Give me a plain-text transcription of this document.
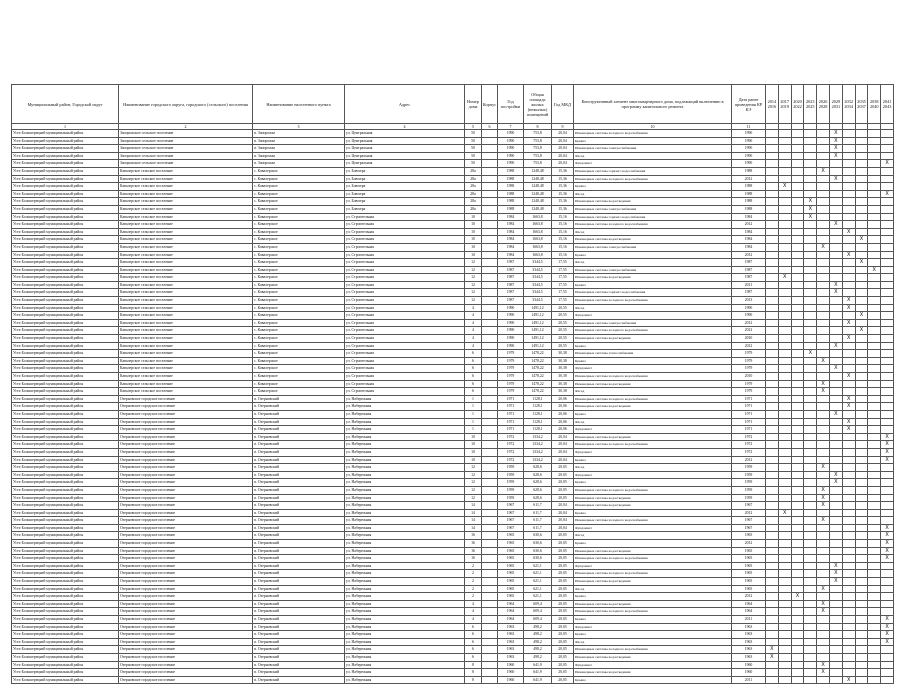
Муниципальный район, Городской округ	Наименование городского округа, городского (сельского) поселения	Наименование населенного пункта	Адрес	Номер дома	Корпус	Год постройки	Общая площадь жилых (нежилых) помещений	Год МКД	Конструктивный элемент многоквартирного дома, подлежащий включению в программу капитального ремонта	Дата ранее проведения КР КЭ	2014 2016	2017 2019	2020 2022	2023 2025	2026 2028	2029 2031	2032 2034	2035 2037	2038 2040	2041 2043
1	2	3	4	5	6	7	8	9	10	11										
Усть-Большерецкий муниципальный район	Запорожское сельское поселение	п. Запорожье	ул. Центральная	50		1990	753,8	20,04	Инженерные системы холодного водоснабжения	1990						X				
Усть-Большерецкий муниципальный район	Запорожское сельское поселение	п. Запорожье	ул. Центральная	50		1990	753,8	20,04	Крыша	1990						X				
Усть-Большерецкий муниципальный район	Запорожское сельское поселение	п. Запорожье	ул. Центральная	50		1990	753,8	20,04	Инженерные системы электроснабжения	1990						X				
Усть-Большерецкий муниципальный район	Запорожское сельское поселение	п. Запорожье	ул. Центральная	50		1990	753,8	20,04	Фасад	1990						X				
Усть-Большерецкий муниципальный район	Запорожское сельское поселение	п. Запорожье	ул. Центральная	50		1990	753,8	20,04	Фундамент	1990										X
Усть-Большерецкий муниципальный район	Кавалерское сельское поселение	с. Кавалерское	ул. Блюхера	28а		1988	1248,48	15,36	Инженерные системы горячего водоснабжения	1988					X					
Усть-Большерецкий муниципальный район	Кавалерское сельское поселение	с. Кавалерское	ул. Блюхера	28а		1988	1248,48	15,36	Инженерные системы холодного водоснабжения	2012						X				
Усть-Большерецкий муниципальный район	Кавалерское сельское поселение	с. Кавалерское	ул. Блюхера	28а		1988	1248,48	15,36	Крыша	1988		X								
Усть-Большерецкий муниципальный район	Кавалерское сельское поселение	с. Кавалерское	ул. Блюхера	28а		1988	1248,48	15,36	Фасад	1988										X
Усть-Большерецкий муниципальный район	Кавалерское сельское поселение	с. Кавалерское	ул. Блюхера	28а		1988	1248,48	15,36	Инженерные системы водоотведения	1988				X						
Усть-Большерецкий муниципальный район	Кавалерское сельское поселение	с. Кавалерское	ул. Блюхера	28а		1988	1248,48	15,36	Инженерные системы электроснабжения	1988				X						
Усть-Большерецкий муниципальный район	Кавалерское сельское поселение	с. Кавалерское	ул. Строительная	10		1984	1663,8	15,16	Инженерные системы горячего водоснабжения	1984				X						
Усть-Большерецкий муниципальный район	Кавалерское сельское поселение	с. Кавалерское	ул. Строительная	10		1984	1663,8	15,16	Инженерные системы холодного водоснабжения	2012						X				
Усть-Большерецкий муниципальный район	Кавалерское сельское поселение	с. Кавалерское	ул. Строительная	10		1984	1663,8	15,16	Фасад	1984							X			
Усть-Большерецкий муниципальный район	Кавалерское сельское поселение	с. Кавалерское	ул. Строительная	10		1984	1663,8	15,16	Инженерные системы водоотведения	1984								X		
Усть-Большерецкий муниципальный район	Кавалерское сельское поселение	с. Кавалерское	ул. Строительная	10		1984	1663,8	15,16	Инженерные системы электроснабжения	1984					X					
Усть-Большерецкий муниципальный район	Кавалерское сельское поселение	с. Кавалерское	ул. Строительная	10		1984	1663,8	15,16	Крыша	2012							X			
Усть-Большерецкий муниципальный район	Кавалерское сельское поселение	с. Кавалерское	ул. Строительная	12		1987	3344,5	17,55	Фасад	1987								X		
Усть-Большерецкий муниципальный район	Кавалерское сельское поселение	с. Кавалерское	ул. Строительная	12		1987	3344,5	17,55	Инженерные системы электроснабжения	1987									X	
Усть-Большерецкий муниципальный район	Кавалерское сельское поселение	с. Кавалерское	ул. Строительная	12		1987	3344,5	17,55	Инженерные системы водоотведения	1987		X								
Усть-Большерецкий муниципальный район	Кавалерское сельское поселение	с. Кавалерское	ул. Строительная	12		1987	3344,5	17,55	Крыша	2011						X				
Усть-Большерецкий муниципальный район	Кавалерское сельское поселение	с. Кавалерское	ул. Строительная	12		1987	3344,5	17,55	Инженерные системы горячего водоснабжения	1987						X				
Усть-Большерецкий муниципальный район	Кавалерское сельское поселение	с. Кавалерское	ул. Строительная	12		1987	3344,5	17,55	Инженерные системы холодного водоснабжения	2013							X			
Усть-Большерецкий муниципальный район	Кавалерское сельское поселение	с. Кавалерское	ул. Строительная	4		1990	1491,12	20,55	Фасад	1990							X			
Усть-Большерецкий муниципальный район	Кавалерское сельское поселение	с. Кавалерское	ул. Строительная	4		1990	1491,12	20,55	Фундамент	1990								X		
Усть-Большерецкий муниципальный район	Кавалерское сельское поселение	с. Кавалерское	ул. Строительная	4		1990	1491,12	20,55	Инженерные системы электроснабжения	2012							X			
Усть-Большерецкий муниципальный район	Кавалерское сельское поселение	с. Кавалерское	ул. Строительная	4		1990	1491,12	20,55	Инженерные системы холодного водоснабжения	2012								X		
Усть-Большерецкий муниципальный район	Кавалерское сельское поселение	с. Кавалерское	ул. Строительная	4		1990	1491,12	20,55	Инженерные системы водоотведения	2010							X			
Усть-Большерецкий муниципальный район	Кавалерское сельское поселение	с. Кавалерское	ул. Строительная	4		1990	1491,12	20,55	Крыша	2012						X				
Усть-Большерецкий муниципальный район	Кавалерское сельское поселение	с. Кавалерское	ул. Строительная	6		1979	1478,22	30,38	Инженерные системы теплоснабжения	1979				X						
Усть-Большерецкий муниципальный район	Кавалерское сельское поселение	с. Кавалерское	ул. Строительная	6		1979	1478,22	30,38	Крыша	1979					X					
Усть-Большерецкий муниципальный район	Кавалерское сельское поселение	с. Кавалерское	ул. Строительная	6		1979	1478,22	30,38	Фундамент	1979						X				
Усть-Большерецкий муниципальный район	Кавалерское сельское поселение	с. Кавалерское	ул. Строительная	6		1979	1478,22	30,38	Инженерные системы холодного водоснабжения	2010							X			
Усть-Большерецкий муниципальный район	Кавалерское сельское поселение	с. Кавалерское	ул. Строительная	6		1979	1478,22	30,38	Инженерные системы водоотведения	1979					X					
Усть-Большерецкий муниципальный район	Кавалерское сельское поселение	с. Кавалерское	ул. Строительная	6		1979	1478,22	30,38	Фасад	1979					X					
Усть-Большерецкий муниципальный район	Озерновское городское поселение	п. Озерновский	ул. Набережная	1		1971	1128,1	20,06	Инженерные системы холодного водоснабжения	1971							X			
Усть-Большерецкий муниципальный район	Озерновское городское поселение	п. Озерновский	ул. Набережная	1		1971	1128,1	20,06	Инженерные системы водоотведения	1971							X			
Усть-Большерецкий муниципальный район	Озерновское городское поселение	п. Озерновский	ул. Набережная	1		1971	1128,1	20,06	Крыша	1971						X				
Усть-Большерецкий муниципальный район	Озерновское городское поселение	п. Озерновский	ул. Набережная	1		1971	1128,1	20,06	Фасад	1971							X			
Усть-Большерецкий муниципальный район	Озерновское городское поселение	п. Озерновский	ул. Набережная	1		1971	1128,1	20,06	Фундамент	1971							X			
Усть-Большерецкий муниципальный район	Озерновское городское поселение	п. Озерновский	ул. Набережная	10		1972	1334,2	20,04	Инженерные системы водоотведения	1972										X
Усть-Большерецкий муниципальный район	Озерновское городское поселение	п. Озерновский	ул. Набережная	10		1972	1334,2	20,04	Инженерные системы холодного водоснабжения	1972										X
Усть-Большерецкий муниципальный район	Озерновское городское поселение	п. Озерновский	ул. Набережная	10		1972	1334,2	20,04	Фундамент	1972										X
Усть-Большерецкий муниципальный район	Озерновское городское поселение	п. Озерновский	ул. Набережная	10		1972	1334,2	20,04	Крыша	2012										X
Усть-Большерецкий муниципальный район	Озерновское городское поселение	п. Озерновский	ул. Набережная	12		1959	628,6	20,05	Фасад	1959					X					
Усть-Большерецкий муниципальный район	Озерновское городское поселение	п. Озерновский	ул. Набережная	12		1959	628,6	20,05	Фундамент	1959						X				
Усть-Большерецкий муниципальный район	Озерновское городское поселение	п. Озерновский	ул. Набережная	12		1959	628,6	20,05	Крыша	1959						X				
Усть-Большерецкий муниципальный район	Озерновское городское поселение	п. Озерновский	ул. Набережная	12		1959	628,6	20,05	Инженерные системы холодного водоснабжения	1959					X					
Усть-Большерецкий муниципальный район	Озерновское городское поселение	п. Озерновский	ул. Набережная	12		1959	628,6	20,05	Инженерные системы водоотведения	1959					X					
Усть-Большерецкий муниципальный район	Озерновское городское поселение	п. Озерновский	ул. Набережная	14		1967	611,7	20,04	Инженерные системы водоотведения	1967					X					
Усть-Большерецкий муниципальный район	Озерновское городское поселение	п. Озерновский	ул. Набережная	14		1967	611,7	20,04	Крыша	2012		X								
Усть-Большерецкий муниципальный район	Озерновское городское поселение	п. Озерновский	ул. Набережная	14		1967	611,7	20,04	Инженерные системы холодного водоснабжения	1967					X					
Усть-Большерецкий муниципальный район	Озерновское городское поселение	п. Озерновский	ул. Набережная	14		1967	611,7	20,04	Фундамент	1967										X
Усть-Большерецкий муниципальный район	Озерновское городское поселение	п. Озерновский	ул. Набережная	16		1965	630,6	20,05	Фасад	1965										X
Усть-Большерецкий муниципальный район	Озерновское городское поселение	п. Озерновский	ул. Набережная	16		1965	630,6	20,05	Крыша	2012										X
Усть-Большерецкий муниципальный район	Озерновское городское поселение	п. Озерновский	ул. Набережная	16		1965	630,6	20,05	Инженерные системы водоотведения	1965										X
Усть-Большерецкий муниципальный район	Озерновское городское поселение	п. Озерновский	ул. Набережная	16		1965	630,6	20,05	Инженерные системы холодного водоснабжения	1965										X
Усть-Большерецкий муниципальный район	Озерновское городское поселение	п. Озерновский	ул. Набережная	2		1965	621,1	20,05	Фундамент	1965						X				
Усть-Большерецкий муниципальный район	Озерновское городское поселение	п. Озерновский	ул. Набережная	2		1965	621,1	20,05	Инженерные системы холодного водоснабжения	1965						X				
Усть-Большерецкий муниципальный район	Озерновское городское поселение	п. Озерновский	ул. Набережная	2		1965	621,1	20,05	Инженерные системы водоотведения	1965						X				
Усть-Большерецкий муниципальный район	Озерновское городское поселение	п. Озерновский	ул. Набережная	2		1965	621,1	20,05	Фасад	1965					X					
Усть-Большерецкий муниципальный район	Озерновское городское поселение	п. Озерновский	ул. Набережная	2		1965	621,1	20,05	Крыша	2012			X							
Усть-Большерецкий муниципальный район	Озерновское городское поселение	п. Озерновский	ул. Набережная	4		1964	609,4	20,05	Инженерные системы водоотведения	1964					X					
Усть-Большерецкий муниципальный район	Озерновское городское поселение	п. Озерновский	ул. Набережная	4		1964	609,4	20,05	Инженерные системы холодного водоснабжения	1964					X					
Усть-Большерецкий муниципальный район	Озерновское городское поселение	п. Озерновский	ул. Набережная	4		1964	609,4	20,05	Крыша	2011										X
Усть-Большерецкий муниципальный район	Озерновское городское поселение	п. Озерновский	ул. Набережная	6		1963	498,2	20,05	Фундамент	1963										X
Усть-Большерецкий муниципальный район	Озерновское городское поселение	п. Озерновский	ул. Набережная	6		1963	498,2	20,05	Крыша	1963										X
Усть-Большерецкий муниципальный район	Озерновское городское поселение	п. Озерновский	ул. Набережная	6		1963	498,2	20,05	Фасад	1963										X
Усть-Большерецкий муниципальный район	Озерновское городское поселение	п. Озерновский	ул. Набережная	6		1963	498,2	20,05	Инженерные системы холодного водоснабжения	1963	X									
Усть-Большерецкий муниципальный район	Озерновское городское поселение	п. Озерновский	ул. Набережная	6		1963	498,2	20,05	Инженерные системы водоотведения	1963	X									
Усть-Большерецкий муниципальный район	Озерновское городское поселение	п. Озерновский	ул. Набережная	8		1960	641,9	20,05	Фундамент	1960					X					
Усть-Большерецкий муниципальный район	Озерновское городское поселение	п. Озерновский	ул. Набережная	8		1960	641,9	20,05	Инженерные системы водоотведения	1960					X					
Усть-Большерецкий муниципальный район	Озерновское городское поселение	п. Озерновский	ул. Набережная	8		1960	641,9	20,05	Крыша	2011							X			
